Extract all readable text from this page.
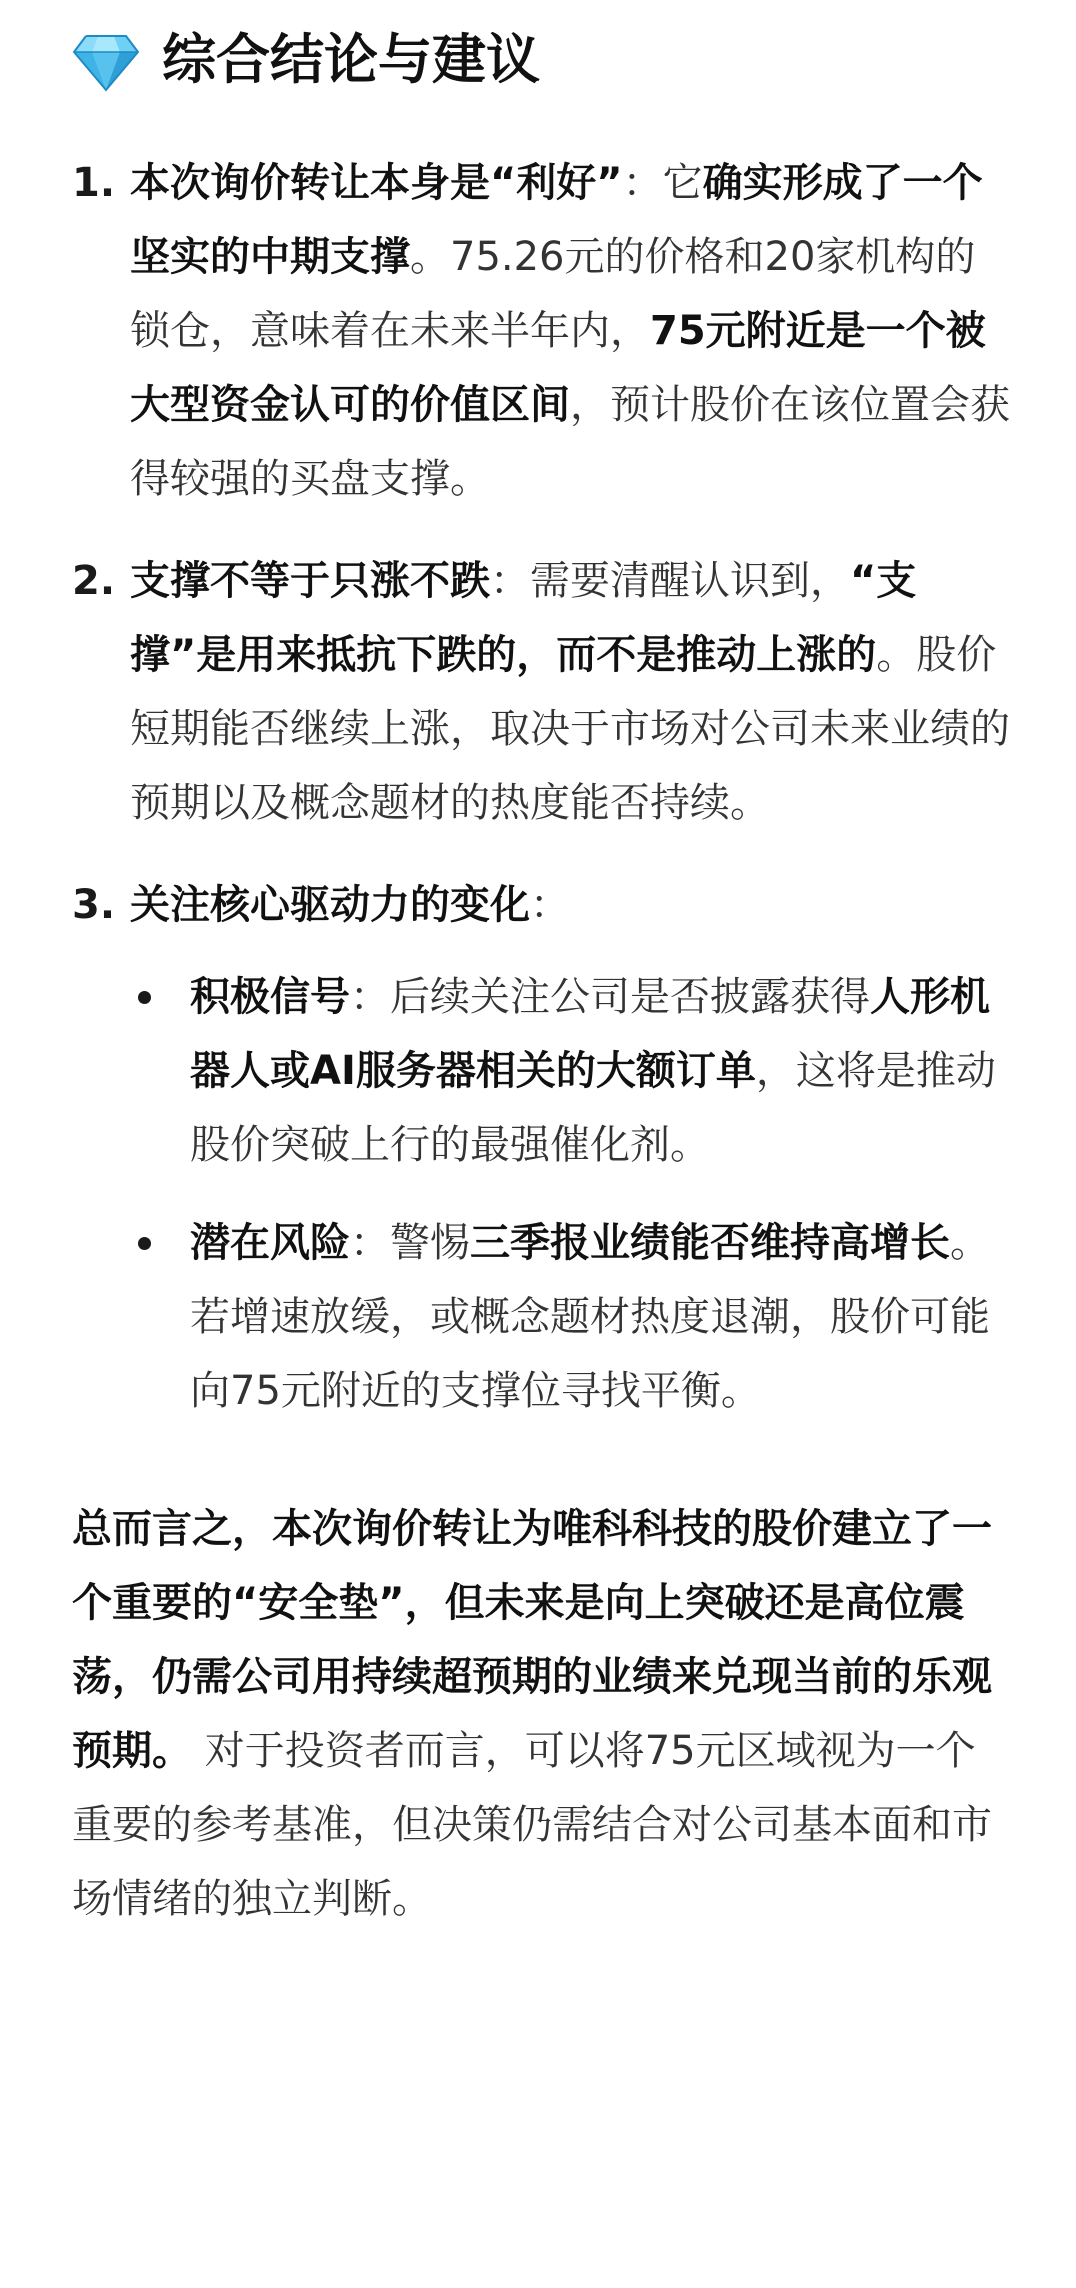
综合结论与建议
1. 本次询价转让本身是“利好”：它确实形成了一个坚实的中期支撑。75.26元的价格和20家机构的锁仓，意味着在未来半年内，75元附近是一个被大型资金认可的价值区间，预计股价在该位置会获得较强的买盘支撑。
2. 支撑不等于只涨不跌：需要清醒认识到，“支撑”是用来抵抗下跌的，而不是推动上涨的。股价短期能否继续上涨，取决于市场对公司未来业绩的预期以及概念题材的热度能否持续。
3. 关注核心驱动力的变化：
积极信号：后续关注公司是否披露获得人形机器人或AI服务器相关的大额订单，这将是推动股价突破上行的最强催化剂。
潜在风险：警惕三季报业绩能否维持高增长。若增速放缓，或概念题材热度退潮，股价可能向75元附近的支撑位寻找平衡。

总而言之，本次询价转让为唯科科技的股价建立了一个重要的“安全垫”，但未来是向上突破还是高位震荡，仍需公司用持续超预期的业绩来兑现当前的乐观预期。 对于投资者而言，可以将75元区域视为一个重要的参考基准，但决策仍需结合对公司基本面和市场情绪的独立判断。
